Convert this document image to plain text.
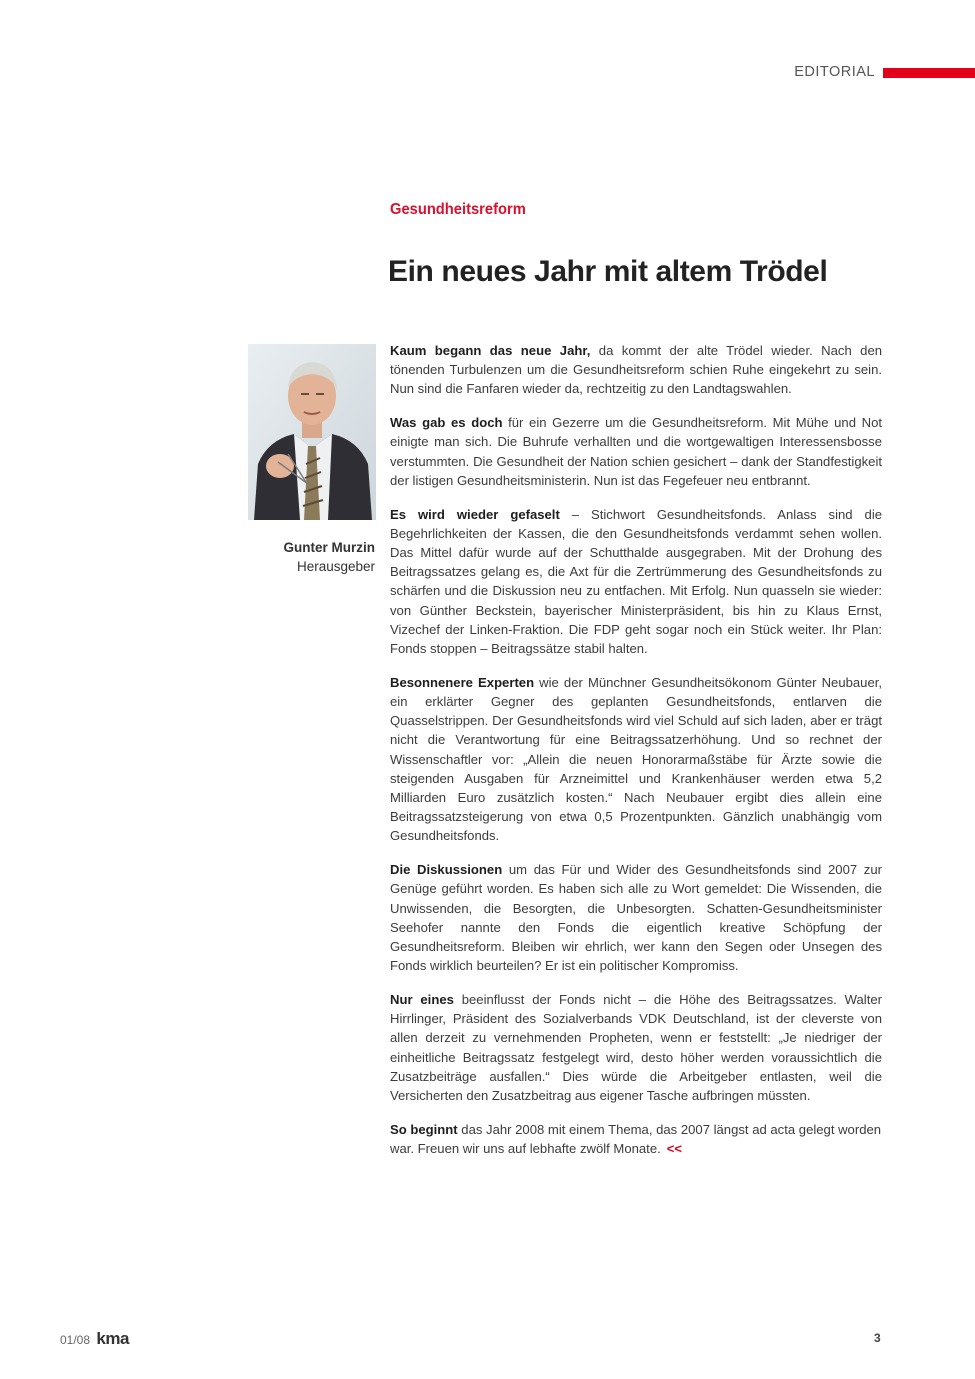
EDITORIAL
Gesundheitsreform
Ein neues Jahr mit altem Trödel
Gunter Murzin
Herausgeber

Kaum begann das neue Jahr, da kommt der alte Trödel wieder. Nach den tönenden Turbulenzen um die Gesundheitsreform schien Ruhe eingekehrt zu sein. Nun sind die Fanfaren wieder da, rechtzeitig zu den Landtagswahlen.

Was gab es doch für ein Gezerre um die Gesundheitsreform. Mit Mühe und Not einigte man sich. Die Buhrufe verhallten und die wortgewaltigen Interessensbosse verstummten. Die Gesundheit der Nation schien gesichert – dank der Standfestigkeit der listigen Gesundheitsministerin. Nun ist das Fegefeuer neu entbrannt.

Es wird wieder gefaselt – Stichwort Gesundheitsfonds. Anlass sind die Begehrlichkeiten der Kassen, die den Gesundheitsfonds verdammt sehen wollen. Das Mittel dafür wurde auf der Schutthalde ausgegraben. Mit der Drohung des Beitragssatzes gelang es, die Axt für die Zertrümmerung des Gesundheitsfonds zu schärfen und die Diskussion neu zu entfachen. Mit Erfolg. Nun quasseln sie wieder: von Günther Beckstein, bayerischer Ministerpräsident, bis hin zu Klaus Ernst, Vizechef der Linken-Fraktion. Die FDP geht sogar noch ein Stück weiter. Ihr Plan: Fonds stoppen – Beitragssätze stabil halten.

Besonnenere Experten wie der Münchner Gesundheitsökonom Günter Neubauer, ein erklärter Gegner des geplanten Gesundheitsfonds, entlarven die Quasselstrippen. Der Gesundheitsfonds wird viel Schuld auf sich laden, aber er trägt nicht die Verantwortung für eine Beitragssatzerhöhung. Und so rechnet der Wissenschaftler vor: „Allein die neuen Honorarmaßstäbe für Ärzte sowie die steigenden Ausgaben für Arzneimittel und Krankenhäuser werden etwa 5,2 Milliarden Euro zusätzlich kosten.“ Nach Neubauer ergibt dies allein eine Beitragssatzsteigerung von etwa 0,5 Prozentpunkten. Gänzlich unabhängig vom Gesundheitsfonds.

Die Diskussionen um das Für und Wider des Gesundheitsfonds sind 2007 zur Genüge geführt worden. Es haben sich alle zu Wort gemeldet: Die Wissenden, die Unwissenden, die Besorgten, die Unbesorgten. Schatten-Gesundheitsminister Seehofer nannte den Fonds die eigentlich kreative Schöpfung der Gesundheitsreform. Bleiben wir ehrlich, wer kann den Segen oder Unsegen des Fonds wirklich beurteilen? Er ist ein politischer Kompromiss.

Nur eines beeinflusst der Fonds nicht – die Höhe des Beitragssatzes. Walter Hirrlinger, Präsident des Sozialverbands VDK Deutschland, ist der cleverste von allen derzeit zu vernehmenden Propheten, wenn er feststellt: „Je niedriger der einheitliche Beitragssatz festgelegt wird, desto höher werden voraussichtlich die Zusatzbeiträge ausfallen.“ Dies würde die Arbeitgeber entlasten, weil die Versicherten den Zusatzbeitrag aus eigener Tasche aufbringen müssten.

So beginnt das Jahr 2008 mit einem Thema, das 2007 längst ad acta gelegt worden war. Freuen wir uns auf lebhafte zwölf Monate. <<

01/08 kma	3
